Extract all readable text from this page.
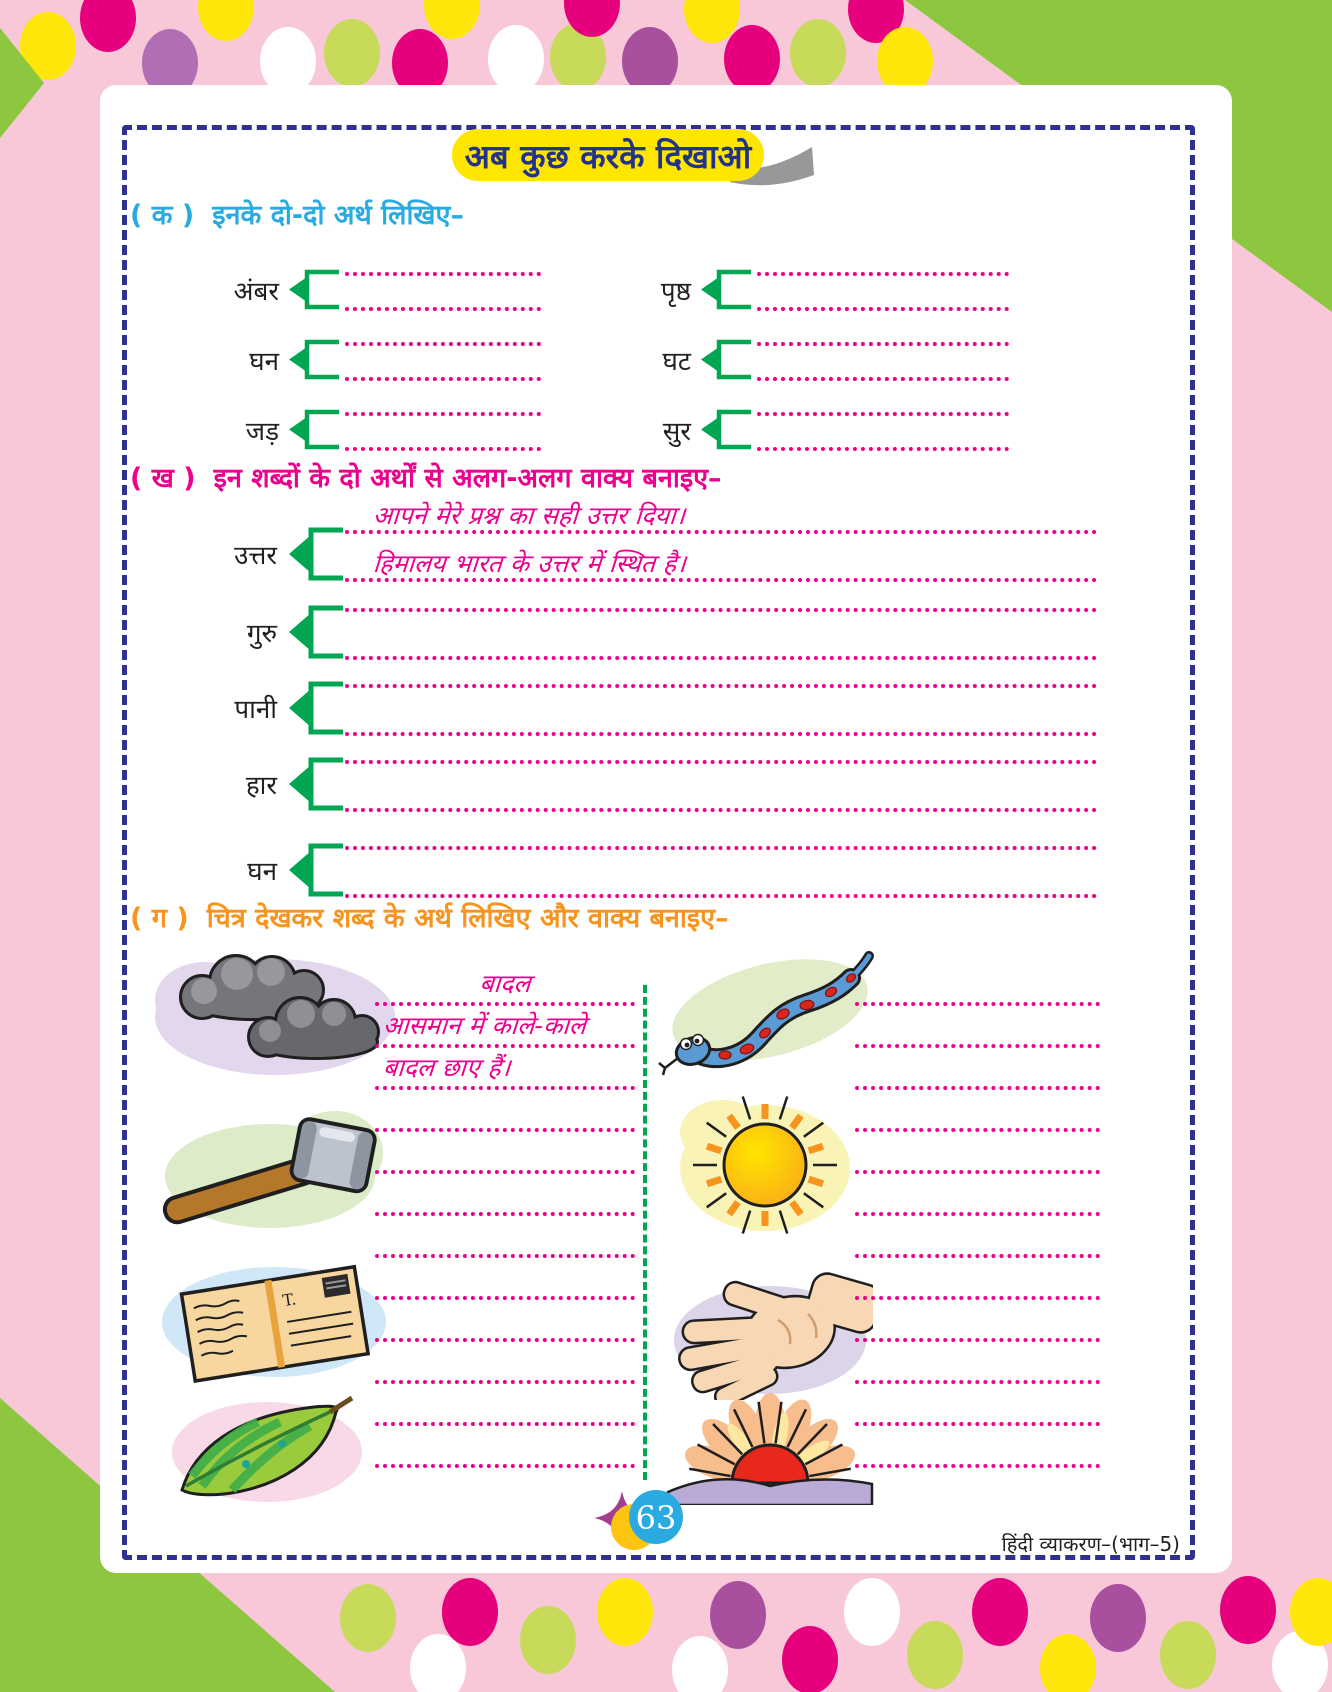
अब कुछ करके दिखाओ
( क ) इनके दो-दो अर्थ लिखिए–
अंबर
घन
जड़
पृष्ठ
घट
सुर
( ख ) इन शब्दों के दो अर्थों से अलग-अलग वाक्य बनाइए–
उत्तर
आपने मेरे प्रश्न का सही उत्तर दिया।
हिमालय भारत के उत्तर में स्थित है।
गुरु
पानी
हार
घन
( ग ) चित्र देखकर शब्द के अर्थ लिखिए और वाक्य बनाइए–
T.
बादल
आसमान में काले-काले
बादल छाए हैं।
63
हिंदी व्याकरण–(भाग–5)
